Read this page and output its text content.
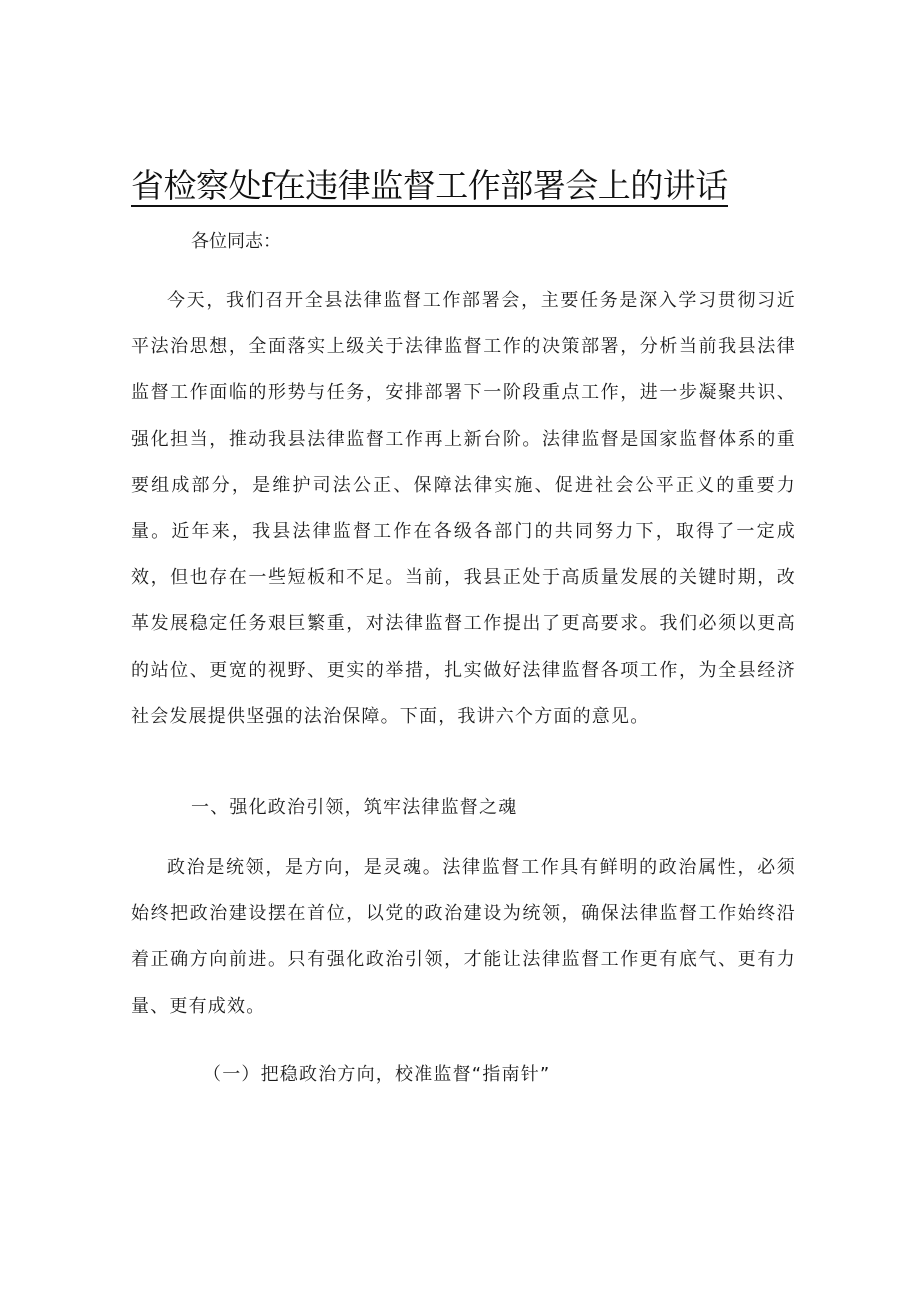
省检察处f在违律监督工作部署会上的讲话

各位同志：

今天，我们召开全县法律监督工作部署会，主要任务是深入学习贯彻习近平法治思想，全面落实上级关于法律监督工作的决策部署，分析当前我县法律监督工作面临的形势与任务，安排部署下一阶段重点工作，进一步凝聚共识、强化担当，推动我县法律监督工作再上新台阶。法律监督是国家监督体系的重要组成部分，是维护司法公正、保障法律实施、促进社会公平正义的重要力量。近年来，我县法律监督工作在各级各部门的共同努力下，取得了一定成效，但也存在一些短板和不足。当前，我县正处于高质量发展的关键时期，改革发展稳定任务艰巨繁重，对法律监督工作提出了更高要求。我们必须以更高的站位、更宽的视野、更实的举措，扎实做好法律监督各项工作，为全县经济社会发展提供坚强的法治保障。下面，我讲六个方面的意见。

一、强化政治引领，筑牢法律监督之魂

政治是统领，是方向，是灵魂。法律监督工作具有鲜明的政治属性，必须始终把政治建设摆在首位，以党的政治建设为统领，确保法律监督工作始终沿着正确方向前进。只有强化政治引领，才能让法律监督工作更有底气、更有力量、更有成效。

（一）把稳政治方向，校准监督“指南针”
